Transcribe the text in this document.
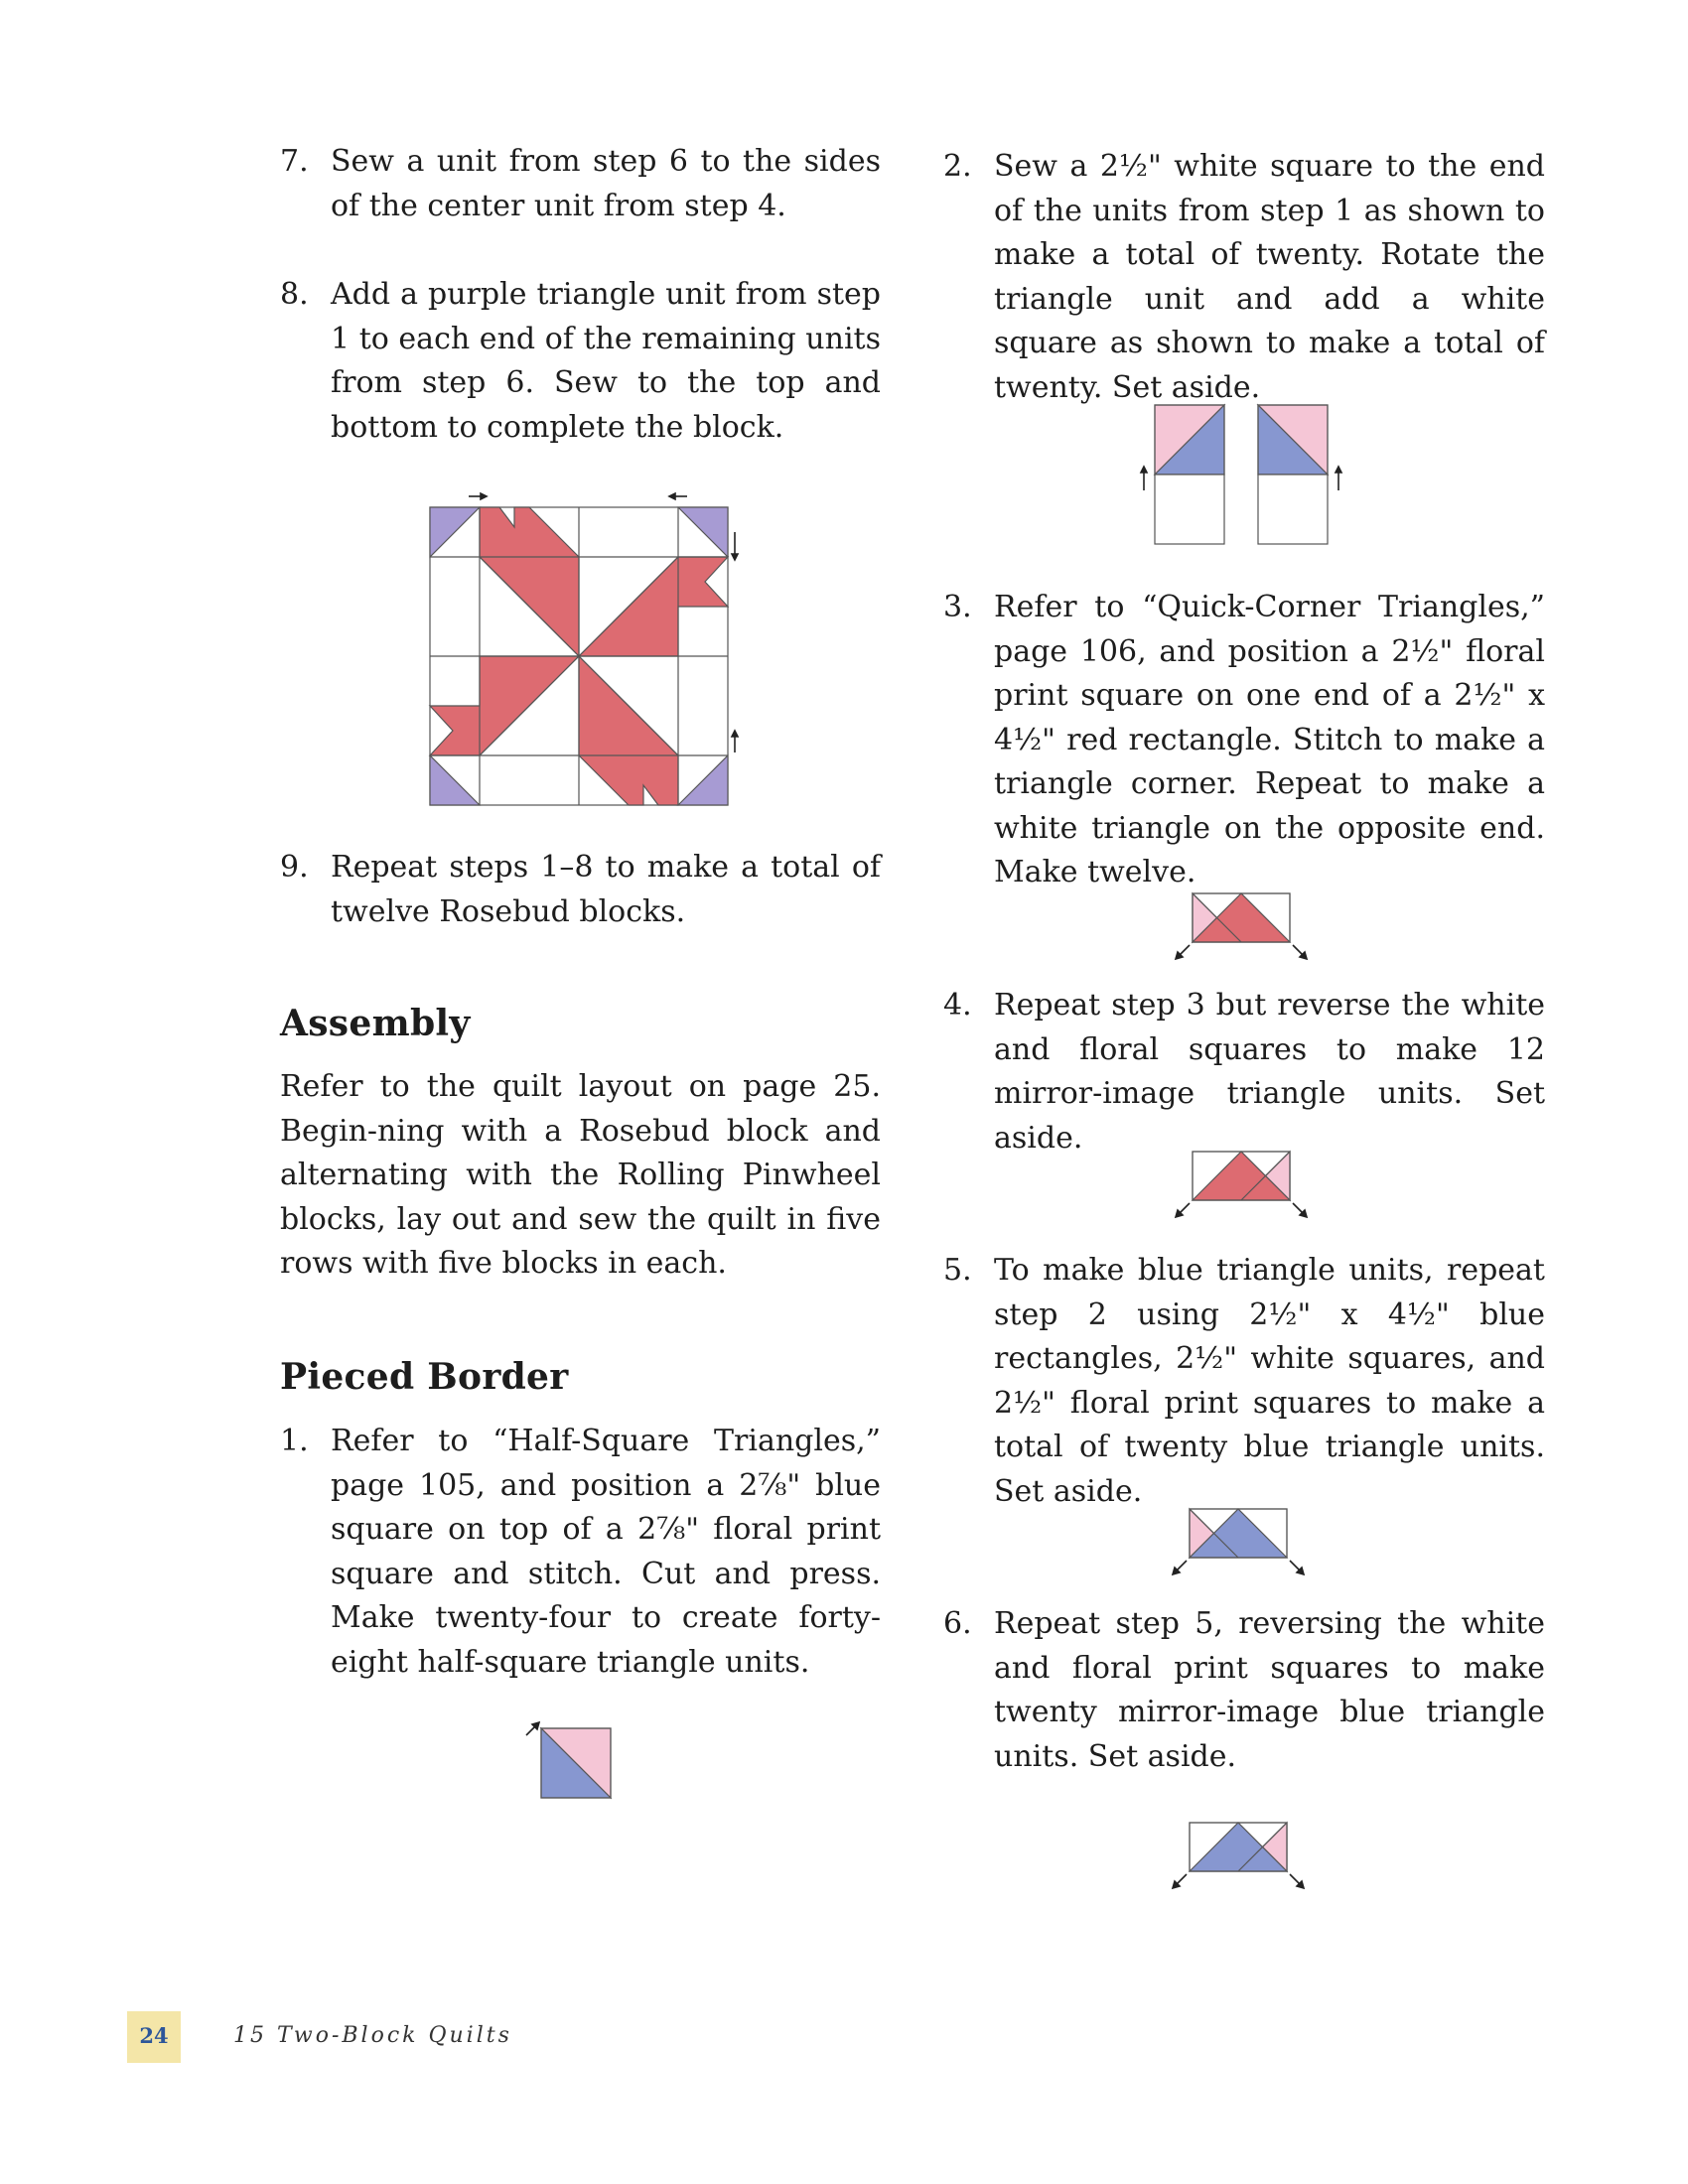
7. Sew a unit from step 6 to the sides of the center unit from step 4.
8. Add a purple triangle unit from step 1 to each end of the remaining units from step 6. Sew to the top and bottom to complete the block.
9. Repeat steps 1–8 to make a total of twelve Rosebud blocks.
Assembly
Refer to the quilt layout on page 25. Begin-ning with a Rosebud block and alternating with the Rolling Pinwheel blocks, lay out and sew the quilt in five rows with five blocks in each.
Pieced Border
1. Refer to “Half-Square Triangles,” page 105, and position a 2⅞" blue square on top of a 2⅞" floral print square and stitch. Cut and press. Make twenty-four to create forty-eight half-square triangle units.
2. Sew a 2½" white square to the end of the units from step 1 as shown to make a total of twenty. Rotate the triangle unit and add a white square as shown to make a total of twenty. Set aside.
3. Refer to “Quick-Corner Triangles,” page 106, and position a 2½" floral print square on one end of a 2½" x 4½" red rectangle. Stitch to make a triangle corner. Repeat to make a white triangle on the opposite end. Make twelve.
4. Repeat step 3 but reverse the white and floral squares to make 12 mirror-image triangle units. Set aside.
5. To make blue triangle units, repeat step 2 using 2½" x 4½" blue rectangles, 2½" white squares, and 2½" floral print squares to make a total of twenty blue triangle units. Set aside.
6. Repeat step 5, reversing the white and floral print squares to make twenty mirror-image blue triangle units. Set aside.
24	15 Two-Block Quilts
